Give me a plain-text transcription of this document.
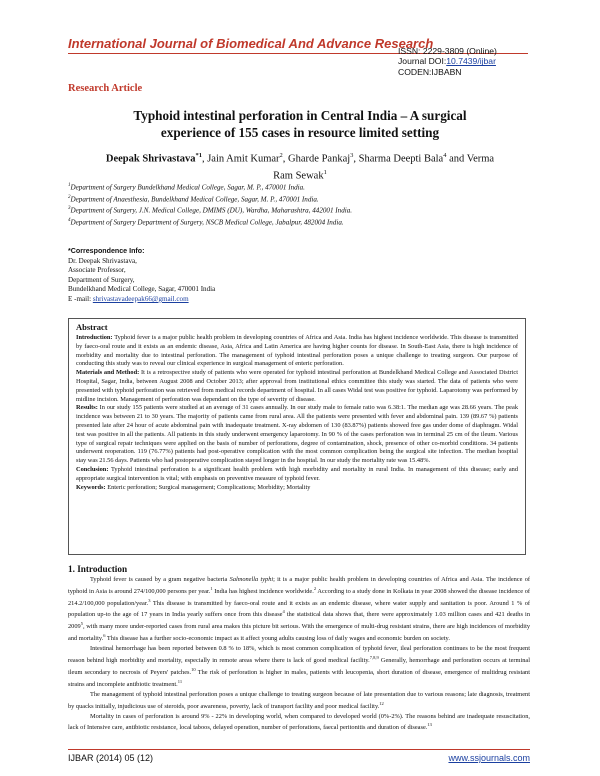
International Journal of Biomedical And Advance Research
ISSN: 2229-3809 (Online)
Journal DOI:10.7439/ijbar
CODEN:IJBABN
Research Article
Typhoid intestinal perforation in Central India – A surgical
experience of 155 cases in resource limited setting
Deepak Shrivastava$^{*1}$, Jain Amit Kumar$^2$, Gharde Pankaj$^3$, Sharma Deepti Bala$^4$ and Verma
Ram Sewak$^1$
$^1$Department of Surgery Bundelkhand Medical College, Sagar, M. P., 470001 India.
$^2$Department of Anaesthesia, Bundelkhand Medical College, Sagar, M. P., 470001 India.
$^3$Department of Surgery, J.N. Medical College, DMIMS (DU), Wardha, Maharashtra, 442001 India.
$^4$Department of Surgery Department of Surgery, NSCB Medical College, Jabalpur, 482004 India.
*Correspondence Info:
Dr. Deepak Shrivastava,
Associate Professor,
Department of Surgery,
Bundelkhand Medical College, Sagar, 470001 India
E -mail: shrivastavadeepak66@gmail.com
Abstract

Introduction: Typhoid fever is a major public health problem in developing countries of Africa and Asia. India has highest incidence worldwide. This disease is transmitted by faeco-oral route and it exists as an endemic disease, Asia, Africa and Latin America are having higher counts for disease. In South-East Asia, there is high incidence of morbidity and mortality due to intestinal perforation. The management of typhoid intestinal perforation poses a unique challenge to treating surgeon. Our purpose of conducting this study was to reveal our clinical experience in surgical management of enteric perforation.

Materials and Method: It is a retrospective study of patients who were operated for typhoid intestinal perforation at Bundelkhand Medical College and Associated District Hospital, Sagar, India, between August 2008 and October 2013; after approval from institutional ethics committee this study was started. The data of patients who were presented with typhoid perforation was retrieved from medical records department of hospital. In all cases Widal test was positive for typhoid. Laparotomy was performed by midline incision. Management of perforation was dependant on the type of severity of disease.

Results: In our study 155 patients were studied at an average of 31 cases annually. In our study male to female ratio was 6.38:1. The median age was 28.66 years. The peak incidence was between 21 to 30 years. The majority of patients came from rural area. All the patients were presented with fever and abdominal pain. 139 (89.67 %) patients presented late after 24 hour of acute abdominal pain with inadequate treatment. X-ray abdomen of 130 (83.87%) patients showed free gas under dome of diaphragm. Widal test was positive in all the patients. All patients in this study underwent emergency laparotomy. In 90 % of the cases perforation was in terminal 25 cm of the ileum. Various type of surgical repair techniques were applied on the basis of number of perforations, degree of contamination, shock, presence of other co-morbid conditions. 34 patients underwent reoperation. 119 (76.77%) patients had post-operative complication with the most common complication being the surgical site infection. The median hospital stay was 21.56 days. Patients who had postoperative complication stayed longer in the hospital. In our study the mortality rate was 15.48%.

Conclusion: Typhoid intestinal perforation is a significant health problem with high morbidity and mortality in rural India. In management of this disease; early and appropriate surgical intervention is vital; with emphasis on preventive measure of typhoid fever.

Keywords: Enteric perforation; Surgical management; Complications; Morbidity; Mortality

1. Introduction

Typhoid fever is caused by a gram negative bacteria Salmonella typhi; it is a major public health problem in developing countries of Africa and Asia. The incidence of typhoid in Asia is around 274/100,000 persons per year.$^1$ India has highest incidence worldwide.$^2$ According to a study done in Kolkata in year 2008 showed the disease incidence of 214.2/100,000 population/year.$^3$ This disease is transmitted by faeco-oral route and it exists as an endemic disease, where water supply and sanitation is poor. Around 1 % of population up-to the age of 17 years in India yearly suffers once from this disease$^4$ the statistical data shows that, there were approximately 1.03 million cases and 421 deaths in 2009$^5$, with many more under-reported cases from rural area makes this picture bit serious. With the emergence of multi-drug resistant strains, there are high incidences of morbidity and mortality.$^6$ This disease has a further socio-economic impact as it affect young adults causing loss of daily wages and economic burden on society.

Intestinal hemorrhage has been reported between 0.8 % to 18%, which is most common complication of typhoid fever, ileal perforation continues to be the most frequent reason behind high morbidity and mortality, especially in remote areas where there is lack of good medical facility.$^{7,8,9}$ Generally, hemorrhage and perforation occurs at terminal ileum secondary to necrosis of Peyers' patches.$^{10}$ The risk of perforation is higher in males, patients with leucopenia, short duration of disease, emergence of multidrug resistant strains and incomplete antibiotic treatment.$^{11}$

The management of typhoid intestinal perforation poses a unique challenge to treating surgeon because of late presentation due to various reasons; late diagnosis, treatment by quacks initially, injudicious use of steroids, poor awareness, poverty, lack of transport facility and poor medical facility.$^{12}$

Mortality in cases of perforation is around 9% - 22% in developing world, when compared to developed world (0%-2%). The reasons behind are inadequate resuscitation, lack of Intensive care, antibiotic resistance, local taboos, delayed operation, number of perforations, faecal peritonitis and duration of disease.$^{13}$

IJBAR (2014) 05 (12)	www.ssjournals.com
